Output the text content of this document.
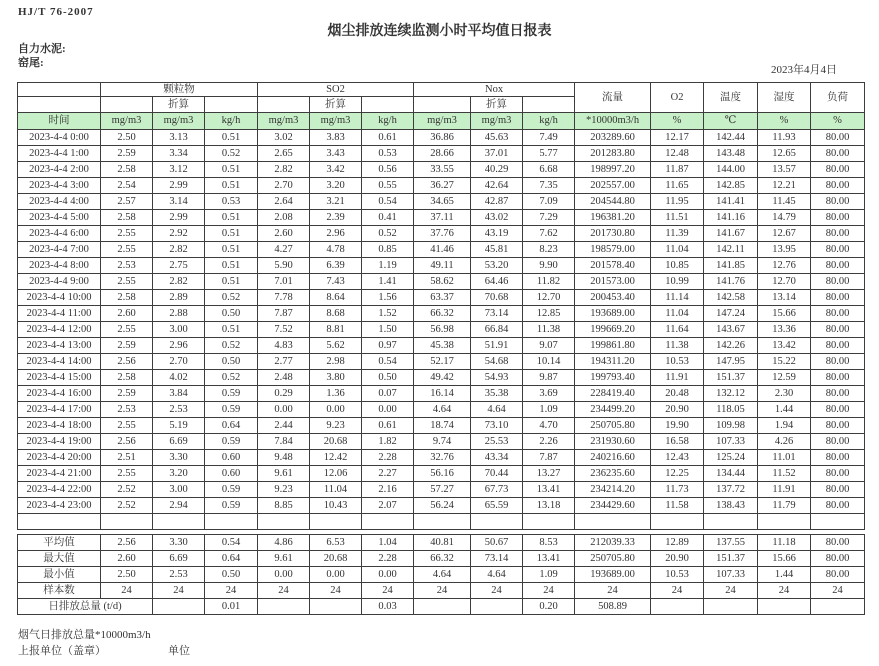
HJ/T 76-2007
烟尘排放连续监测小时平均值日报表
自力水泥:
窑尾:
2023年4月4日
	颗粒物			SO2			Nox			流量	O2	温度	湿度	负荷
		折算			折算			折算						
时间	mg/m3	mg/m3	kg/h	mg/m3	mg/m3	kg/h	mg/m3	mg/m3	kg/h	*10000m3/h	%	℃	%	%
2023-4-4 0:00	2.50	3.13	0.51	3.02	3.83	0.61	36.86	45.63	7.49	203289.60	12.17	142.44	11.93	80.00
2023-4-4 1:00	2.59	3.34	0.52	2.65	3.43	0.53	28.66	37.01	5.77	201283.80	12.48	143.48	12.65	80.00
2023-4-4 2:00	2.58	3.12	0.51	2.82	3.42	0.56	33.55	40.29	6.68	198997.20	11.87	144.00	13.57	80.00
2023-4-4 3:00	2.54	2.99	0.51	2.70	3.20	0.55	36.27	42.64	7.35	202557.00	11.65	142.85	12.21	80.00
2023-4-4 4:00	2.57	3.14	0.53	2.64	3.21	0.54	34.65	42.87	7.09	204544.80	11.95	141.41	11.45	80.00
2023-4-4 5:00	2.58	2.99	0.51	2.08	2.39	0.41	37.11	43.02	7.29	196381.20	11.51	141.16	14.79	80.00
2023-4-4 6:00	2.55	2.92	0.51	2.60	2.96	0.52	37.76	43.19	7.62	201730.80	11.39	141.67	12.67	80.00
2023-4-4 7:00	2.55	2.82	0.51	4.27	4.78	0.85	41.46	45.81	8.23	198579.00	11.04	142.11	13.95	80.00
2023-4-4 8:00	2.53	2.75	0.51	5.90	6.39	1.19	49.11	53.20	9.90	201578.40	10.85	141.85	12.76	80.00
2023-4-4 9:00	2.55	2.82	0.51	7.01	7.43	1.41	58.62	64.46	11.82	201573.00	10.99	141.76	12.70	80.00
2023-4-4 10:00	2.58	2.89	0.52	7.78	8.64	1.56	63.37	70.68	12.70	200453.40	11.14	142.58	13.14	80.00
2023-4-4 11:00	2.60	2.88	0.50	7.87	8.68	1.52	66.32	73.14	12.85	193689.00	11.04	147.24	15.66	80.00
2023-4-4 12:00	2.55	3.00	0.51	7.52	8.81	1.50	56.98	66.84	11.38	199669.20	11.64	143.67	13.36	80.00
2023-4-4 13:00	2.59	2.96	0.52	4.83	5.62	0.97	45.38	51.91	9.07	199861.80	11.38	142.26	13.42	80.00
2023-4-4 14:00	2.56	2.70	0.50	2.77	2.98	0.54	52.17	54.68	10.14	194311.20	10.53	147.95	15.22	80.00
2023-4-4 15:00	2.58	4.02	0.52	2.48	3.80	0.50	49.42	54.93	9.87	199793.40	11.91	151.37	12.59	80.00
2023-4-4 16:00	2.59	3.84	0.59	0.29	1.36	0.07	16.14	35.38	3.69	228419.40	20.48	132.12	2.30	80.00
2023-4-4 17:00	2.53	2.53	0.59	0.00	0.00	0.00	4.64	4.64	1.09	234499.20	20.90	118.05	1.44	80.00
2023-4-4 18:00	2.55	5.19	0.64	2.44	9.23	0.61	18.74	73.10	4.70	250705.80	19.90	109.98	1.94	80.00
2023-4-4 19:00	2.56	6.69	0.59	7.84	20.68	1.82	9.74	25.53	2.26	231930.60	16.58	107.33	4.26	80.00
2023-4-4 20:00	2.51	3.30	0.60	9.48	12.42	2.28	32.76	43.34	7.87	240216.60	12.43	125.24	11.01	80.00
2023-4-4 21:00	2.55	3.20	0.60	9.61	12.06	2.27	56.16	70.44	13.27	236235.60	12.25	134.44	11.52	80.00
2023-4-4 22:00	2.52	3.00	0.59	9.23	11.04	2.16	57.27	67.73	13.41	234214.20	11.73	137.72	11.91	80.00
2023-4-4 23:00	2.52	2.94	0.59	8.85	10.43	2.07	56.24	65.59	13.18	234429.60	11.58	138.43	11.79	80.00

平均值	2.56	3.30	0.54	4.86	6.53	1.04	40.81	50.67	8.53	212039.33	12.89	137.55	11.18	80.00
最大值	2.60	6.69	0.64	9.61	20.68	2.28	66.32	73.14	13.41	250705.80	20.90	151.37	15.66	80.00
最小值	2.50	2.53	0.50	0.00	0.00	0.00	4.64	4.64	1.09	193689.00	10.53	107.33	1.44	80.00
样本数	24	24	24	24	24	24	24	24	24	24	24	24	24	24
日排放总量 (t/d)			0.01			0.03			0.20	508.89				
烟气日排放总量*10000m3/h
上报单位（盖章）	单位
